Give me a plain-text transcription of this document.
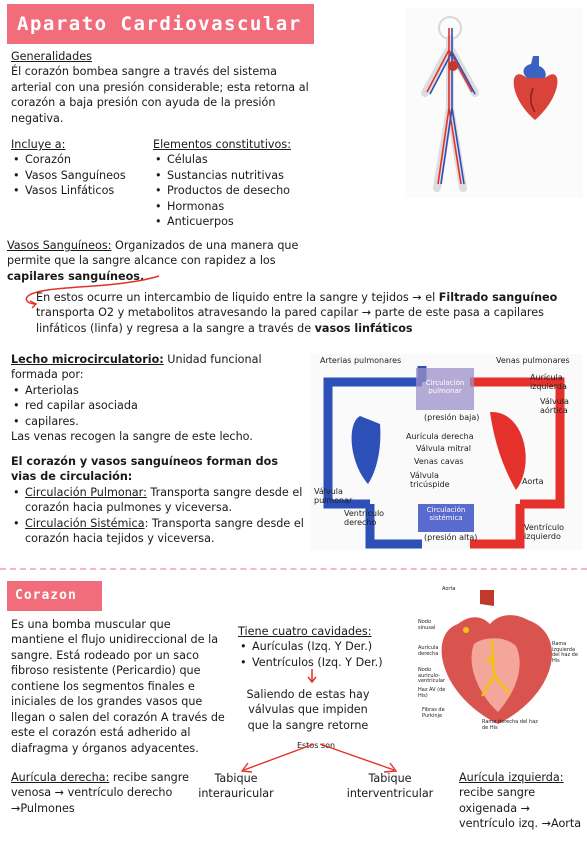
Aparato Cardiovascular
Generalidades
Él corazón bombea sangre a través del sistema arterial con una presión considerable; esta retorna al corazón a baja presión con ayuda de la presión negativa.
Incluye a:
• Corazón
• Vasos Sanguíneos
• Vasos Linfáticos
Elementos constitutivos:
• Células
• Sustancias nutritivas
• Productos de desecho
• Hormonas
• Anticuerpos
Vasos Sanguíneos: Organizados de una manera que permite que la sangre alcance con rapidez a los capilares sanguíneos.
En estos ocurre un intercambio de liquido entre la sangre y tejidos → el Filtrado sanguíneo transporta O2 y metabolitos atravesando la pared capilar → parte de este pasa a capilares linfáticos (linfa) y regresa a la sangre a través de vasos linfáticos
Lecho microcirculatorio: Unidad funcional formada por:
• Arteriolas
• red capilar asociada
• capilares.
Las venas recogen la sangre de este lecho.
El corazón y vasos sanguíneos forman dos vias de circulación:
• Circulación Pulmonar: Transporta sangre desde el corazón hacia pulmones y viceversa.
• Circulación Sistémica: Transporta sangre desde el corazón hacia tejidos y viceversa.
Arterias pulmonares	Venas pulmonares
Circulación pulmonar
(presión baja)
Aurícula izquierda
Válvula aórtica
Aurícula derecha
Válvula mitral
Venas cavas
Válvula tricúspide	Aorta
Válvula pulmonar
Ventrículo derecho
Circulación sistémica
(presión alta)
Ventrículo izquierdo
Corazon
Es una bomba muscular que mantiene el flujo unidireccional de la sangre. Está rodeado por un saco fibroso resistente (Pericardio) que contiene los segmentos finales e iniciales de los grandes vasos que llegan o salen del corazón A través de este el corazón está adherido al diafragma y órganos adyacentes.
Tiene cuatro cavidades:
• Aurículas (Izq. Y Der.)
• Ventrículos (Izq. Y Der.)
Saliendo de estas hay válvulas que impiden que la sangre retorne
Estos son
Tabique interauricular
Tabique interventricular
Aurícula derecha: recibe sangre venosa → ventrículo derecho →Pulmones
Aurícula izquierda:
recibe sangre oxigenada → ventrículo izq. →Aorta
Aorta
Nodo sinusal
Aurícula derecha
Nodo auriculo-ventricular
Haz AV (de His)
Fibras de Purkinje
Rama izquierda del haz de His
Rama derecha del haz de His
